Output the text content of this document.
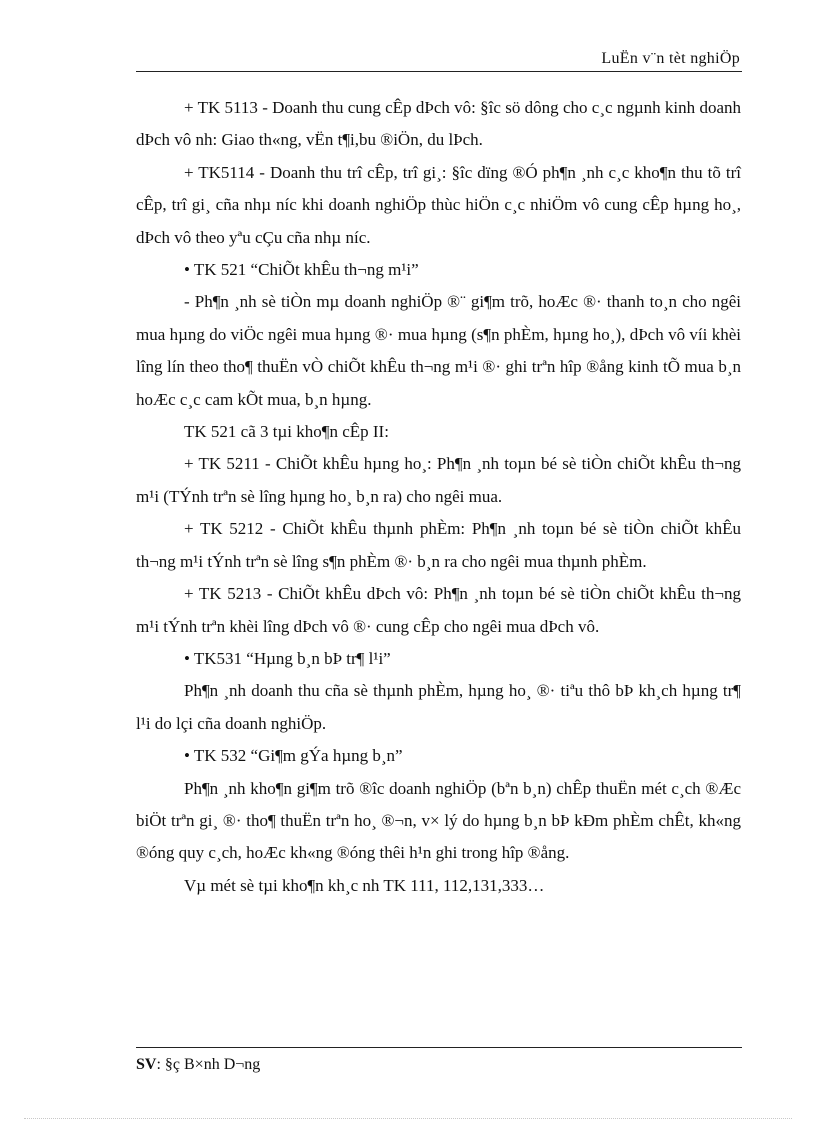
LuËn v¨n tèt nghiÖp

+ TK 5113 - Doanh thu cung cÊp dÞch vô: §îc sö dông cho c¸c ngµnh kinh doanh dÞch vô nh: Giao th«ng, vËn t¶i,bu ®iÖn, du lÞch.

+ TK5114 - Doanh thu trî cÊp, trî gi¸: §îc dïng ®Ó ph¶n ¸nh c¸c kho¶n thu tõ trî cÊp, trî gi¸ cña nhµ níc khi doanh nghiÖp thùc hiÖn c¸c nhiÖm vô cung cÊp hµng ho¸, dÞch vô theo yªu cÇu cña nhµ níc.

• TK 521 “ChiÕt khÊu th¬ng m¹i”

- Ph¶n ¸nh sè tiÒn mµ doanh nghiÖp ®¨ gi¶m trõ, hoÆc ®· thanh to¸n cho ngêi mua hµng do viÖc ngêi mua hµng ®· mua hµng (s¶n phÈm, hµng ho¸), dÞch vô víi khèi lîng lín theo tho¶ thuËn vÒ chiÕt khÊu th¬ng m¹i ®· ghi trªn hîp ®ång kinh tÕ mua b¸n hoÆc c¸c cam kÕt mua, b¸n hµng.

TK 521 cã 3 tµi kho¶n cÊp II:

+ TK 5211 - ChiÕt khÊu hµng ho¸: Ph¶n ¸nh toµn bé sè tiÒn chiÕt khÊu th¬ng m¹i (TÝnh trªn sè lîng hµng ho¸ b¸n ra) cho ngêi mua.

+ TK 5212 - ChiÕt khÊu thµnh phÈm: Ph¶n ¸nh toµn bé sè tiÒn chiÕt khÊu th¬ng m¹i tÝnh trªn sè lîng s¶n phÈm ®· b¸n ra cho ngêi mua thµnh phÈm.

+ TK 5213 - ChiÕt khÊu dÞch vô: Ph¶n ¸nh toµn bé sè tiÒn chiÕt khÊu th¬ng m¹i tÝnh trªn khèi lîng dÞch vô ®· cung cÊp cho ngêi mua dÞch vô.

• TK531 “Hµng b¸n bÞ tr¶ l¹i”

Ph¶n ¸nh doanh thu cña sè thµnh phÈm, hµng ho¸ ®· tiªu thô bÞ kh¸ch hµng tr¶ l¹i do lçi cña doanh nghiÖp.

• TK 532 “Gi¶m gÝa hµng b¸n”

Ph¶n ¸nh kho¶n gi¶m trõ ®îc doanh nghiÖp (bªn b¸n) chÊp thuËn mét c¸ch ®Æc biÖt trªn gi¸ ®· tho¶ thuËn trªn ho¸ ®¬n, v× lý do hµng b¸n bÞ kÐm phÈm chÊt, kh«ng ®óng quy c¸ch, hoÆc kh«ng ®óng thêi h¹n ghi trong hîp ®ång.

Vµ mét sè tµi kho¶n kh¸c nh TK 111, 112,131,333…

SV: §ç B×nh D¬ng
